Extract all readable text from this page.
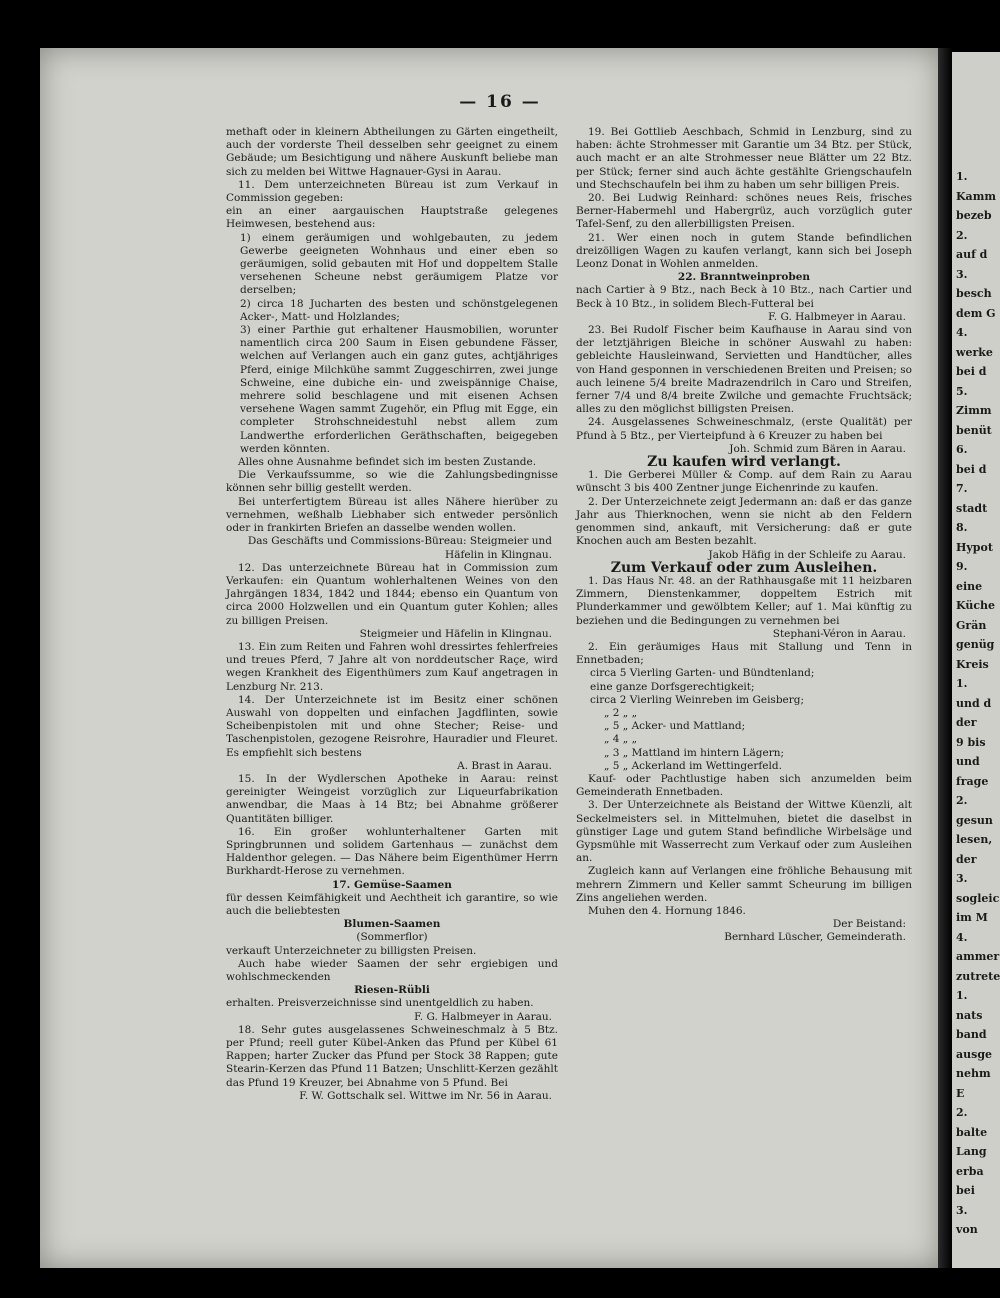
1.
Kamm
bezeb
2.
auf d
3.
besch
dem G
4.
werke
bei d
5.
Zimm
benüt
6.
bei d
7.
stadt
8.
Hypot
9.
eine
Küche
Grän
genüg
Kreis
1.
und d
der
9 bis
und
frage
2.
gesun
lesen,
der
3.
sogleic
im M
4.
ammer
zutrete
1.
nats
band
ausge
nehm
E
2.
balte
Lang
erba
bei
3.
von
— 16 —

methaft oder in kleinern Abtheilungen zu Gärten eingetheilt, auch der vorderste Theil desselben sehr geeignet zu einem Gebäude; um Besichtigung und nähere Auskunft beliebe man sich zu melden bei Wittwe Hagnauer-Gysi in Aarau.

11. Dem unterzeichneten Büreau ist zum Verkauf in Commission gegeben:

ein an einer aargauischen Hauptstraße gelegenes Heimwesen, bestehend aus:

1) einem geräumigen und wohlgebauten, zu jedem Gewerbe geeigneten Wohnhaus und einer eben so geräumigen, solid gebauten mit Hof und doppeltem Stalle versehenen Scheune nebst geräumigem Platze vor derselben;

2) circa 18 Jucharten des besten und schönstgelegenen Acker-, Matt- und Holzlandes;

3) einer Parthie gut erhaltener Hausmobilien, worunter namentlich circa 200 Saum in Eisen gebundene Fässer, welchen auf Verlangen auch ein ganz gutes, achtjähriges Pferd, einige Milchkühe sammt Zuggeschirren, zwei junge Schweine, eine dubiche ein- und zweispännige Chaise, mehrere solid beschlagene und mit eisenen Achsen versehene Wagen sammt Zugehör, ein Pflug mit Egge, ein completer Strohschneidestuhl nebst allem zum Landwerthe erforderlichen Geräthschaften, beigegeben werden könnten.

Alles ohne Ausnahme befindet sich im besten Zustande.

Die Verkaufssumme, so wie die Zahlungsbedingnisse können sehr billig gestellt werden.

Bei unterfertigtem Büreau ist alles Nähere hierüber zu vernehmen, weßhalb Liebhaber sich entweder persönlich oder in frankirten Briefen an dasselbe wenden wollen.

Das Geschäfts und Commissions-Büreau: Steigmeier und Häfelin in Klingnau.

12. Das unterzeichnete Büreau hat in Commission zum Verkaufen: ein Quantum wohlerhaltenen Weines von den Jahrgängen 1834, 1842 und 1844; ebenso ein Quantum von circa 2000 Holzwellen und ein Quantum guter Kohlen; alles zu billigen Preisen.

Steigmeier und Häfelin in Klingnau.

13. Ein zum Reiten und Fahren wohl dressirtes fehlerfreies und treues Pferd, 7 Jahre alt von norddeutscher Raçe, wird wegen Krankheit des Eigenthümers zum Kauf angetragen in Lenzburg Nr. 213.

14. Der Unterzeichnete ist im Besitz einer schönen Auswahl von doppelten und einfachen Jagdflinten, sowie Scheibenpistolen mit und ohne Stecher; Reise- und Taschenpistolen, gezogene Reisrohre, Hauradier und Fleuret. Es empfiehlt sich bestens

A. Brast in Aarau.

15. In der Wydlerschen Apotheke in Aarau: reinst gereinigter Weingeist vorzüglich zur Liqueurfabrikation anwendbar, die Maas à 14 Btz; bei Abnahme größerer Quantitäten billiger.

16. Ein großer wohlunterhaltener Garten mit Springbrunnen und solidem Gartenhaus — zunächst dem Haldenthor gelegen. — Das Nähere beim Eigenthümer Herrn Burkhardt-Herose zu vernehmen.

17. Gemüse-Saamen

für dessen Keimfähigkeit und Aechtheit ich garantire, so wie auch die beliebtesten

Blumen-Saamen

(Sommerflor)

verkauft Unterzeichneter zu billigsten Preisen.

Auch habe wieder Saamen der sehr ergiebigen und wohlschmeckenden

Riesen-Rübli

erhalten. Preisverzeichnisse sind unentgeldlich zu haben.

F. G. Halbmeyer in Aarau.

18. Sehr gutes ausgelassenes Schweineschmalz à 5 Btz. per Pfund; reell guter Kübel-Anken das Pfund per Kübel 61 Rappen; harter Zucker das Pfund per Stock 38 Rappen; gute Stearin-Kerzen das Pfund 11 Batzen; Unschlitt-Kerzen gezählt das Pfund 19 Kreuzer, bei Abnahme von 5 Pfund. Bei

F. W. Gottschalk sel. Wittwe im Nr. 56 in Aarau.

19. Bei Gottlieb Aeschbach, Schmid in Lenzburg, sind zu haben: ächte Strohmesser mit Garantie um 34 Btz. per Stück, auch macht er an alte Strohmesser neue Blätter um 22 Btz. per Stück; ferner sind auch ächte gestählte Griengschaufeln und Stechschaufeln bei ihm zu haben um sehr billigen Preis.

20. Bei Ludwig Reinhard: schönes neues Reis, frisches Berner-Habermehl und Habergrüz, auch vorzüglich guter Tafel-Senf, zu den allerbilligsten Preisen.

21. Wer einen noch in gutem Stande befindlichen dreizölligen Wagen zu kaufen verlangt, kann sich bei Joseph Leonz Donat in Wohlen anmelden.

22. Branntweinproben

nach Cartier à 9 Btz., nach Beck à 10 Btz., nach Cartier und Beck à 10 Btz., in solidem Blech-Futteral bei

F. G. Halbmeyer in Aarau.

23. Bei Rudolf Fischer beim Kaufhause in Aarau sind von der letztjährigen Bleiche in schöner Auswahl zu haben: gebleichte Hausleinwand, Servietten und Handtücher, alles von Hand gesponnen in verschiedenen Breiten und Preisen; so auch leinene 5/4 breite Madrazendrilch in Caro und Streifen, ferner 7/4 und 8/4 breite Zwilche und gemachte Fruchtsäck; alles zu den möglichst billigsten Preisen.

24. Ausgelassenes Schweineschmalz, (erste Qualität) per Pfund à 5 Btz., per Vierteipfund à 6 Kreuzer zu haben bei

Joh. Schmid zum Bären in Aarau.

Zu kaufen wird verlangt.

1. Die Gerberei Müller & Comp. auf dem Rain zu Aarau wünscht 3 bis 400 Zentner junge Eichenrinde zu kaufen.

2. Der Unterzeichnete zeigt Jedermann an: daß er das ganze Jahr aus Thierknochen, wenn sie nicht ab den Feldern genommen sind, ankauft, mit Versicherung: daß er gute Knochen auch am Besten bezahlt.

Jakob Häfig in der Schleife zu Aarau.

Zum Verkauf oder zum Ausleihen.

1. Das Haus Nr. 48. an der Rathhausgaße mit 11 heizbaren Zimmern, Dienstenkammer, doppeltem Estrich mit Plunderkammer und gewölbtem Keller; auf 1. Mai künftig zu beziehen und die Bedingungen zu vernehmen bei

Stephani-Véron in Aarau.

2. Ein geräumiges Haus mit Stallung und Tenn in Ennetbaden;

circa 5 Vierling Garten- und Bündtenland;

eine ganze Dorfsgerechtigkeit;

circa 2 Vierling Weinreben im Geisberg;

„ 2 „ „

„ 5 „ Acker- und Mattland;

„ 4 „ „

„ 3 „ Mattland im hintern Lägern;

„ 5 „ Ackerland im Wettingerfeld.

Kauf- oder Pachtlustige haben sich anzumelden beim Gemeinderath Ennetbaden.

3. Der Unterzeichnete als Beistand der Wittwe Küenzli, alt Seckelmeisters sel. in Mittelmuhen, bietet die daselbst in günstiger Lage und gutem Stand befindliche Wirbelsäge und Gypsmühle mit Wasserrecht zum Verkauf oder zum Ausleihen an.

Zugleich kann auf Verlangen eine fröhliche Behausung mit mehrern Zimmern und Keller sammt Scheurung im billigen Zins angeliehen werden.

Muhen den 4. Hornung 1846.

Der Beistand:

Bernhard Lüscher, Gemeinderath.
